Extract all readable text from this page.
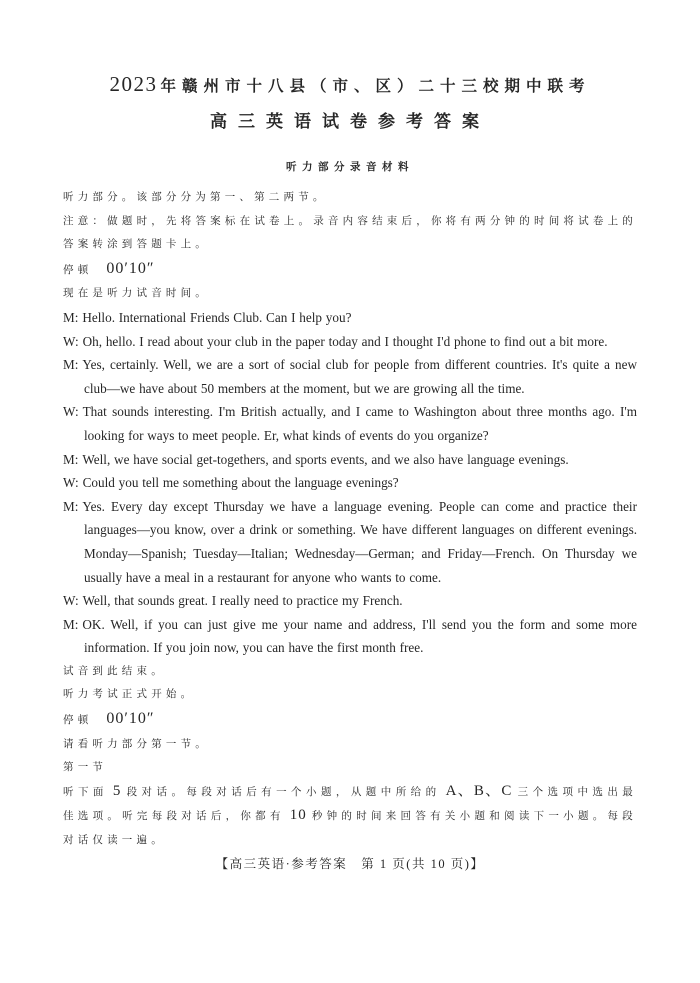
2023 年赣州市十八县（市、区）二十三校期中联考
高三英语试卷参考答案
听力部分录音材料

听力部分。该部分分为第一、第二两节。

注意：做题时，先将答案标在试卷上。录音内容结束后，你将有两分钟的时间将试卷上的答案转涂到答题卡上。

停顿 00′10″

现在是听力试音时间。

M: Hello. International Friends Club. Can I help you?

W: Oh, hello. I read about your club in the paper today and I thought I'd phone to find out a bit more.

M: Yes, certainly. Well, we are a sort of social club for people from different countries. It's quite a new club—we have about 50 members at the moment, but we are growing all the time.

W: That sounds interesting. I'm British actually, and I came to Washington about three months ago. I'm looking for ways to meet people. Er, what kinds of events do you organize?

M: Well, we have social get-togethers, and sports events, and we also have language evenings.

W: Could you tell me something about the language evenings?

M: Yes. Every day except Thursday we have a language evening. People can come and practice their languages—you know, over a drink or something. We have different languages on different evenings. Monday—Spanish; Tuesday—Italian; Wednesday—German; and Friday—French. On Thursday we usually have a meal in a restaurant for anyone who wants to come.

W: Well, that sounds great. I really need to practice my French.

M: OK. Well, if you can just give me your name and address, I'll send you the form and some more information. If you join now, you can have the first month free.

试音到此结束。

听力考试正式开始。

停顿 00′10″

请看听力部分第一节。

第一节

听下面 5 段对话。每段对话后有一个小题，从题中所给的 A、B、C 三个选项中选出最佳选项。听完每段对话后，你都有 10 秒钟的时间来回答有关小题和阅读下一小题。每段对话仅读一遍。

【高三英语·参考答案　第 1 页(共 10 页)】
